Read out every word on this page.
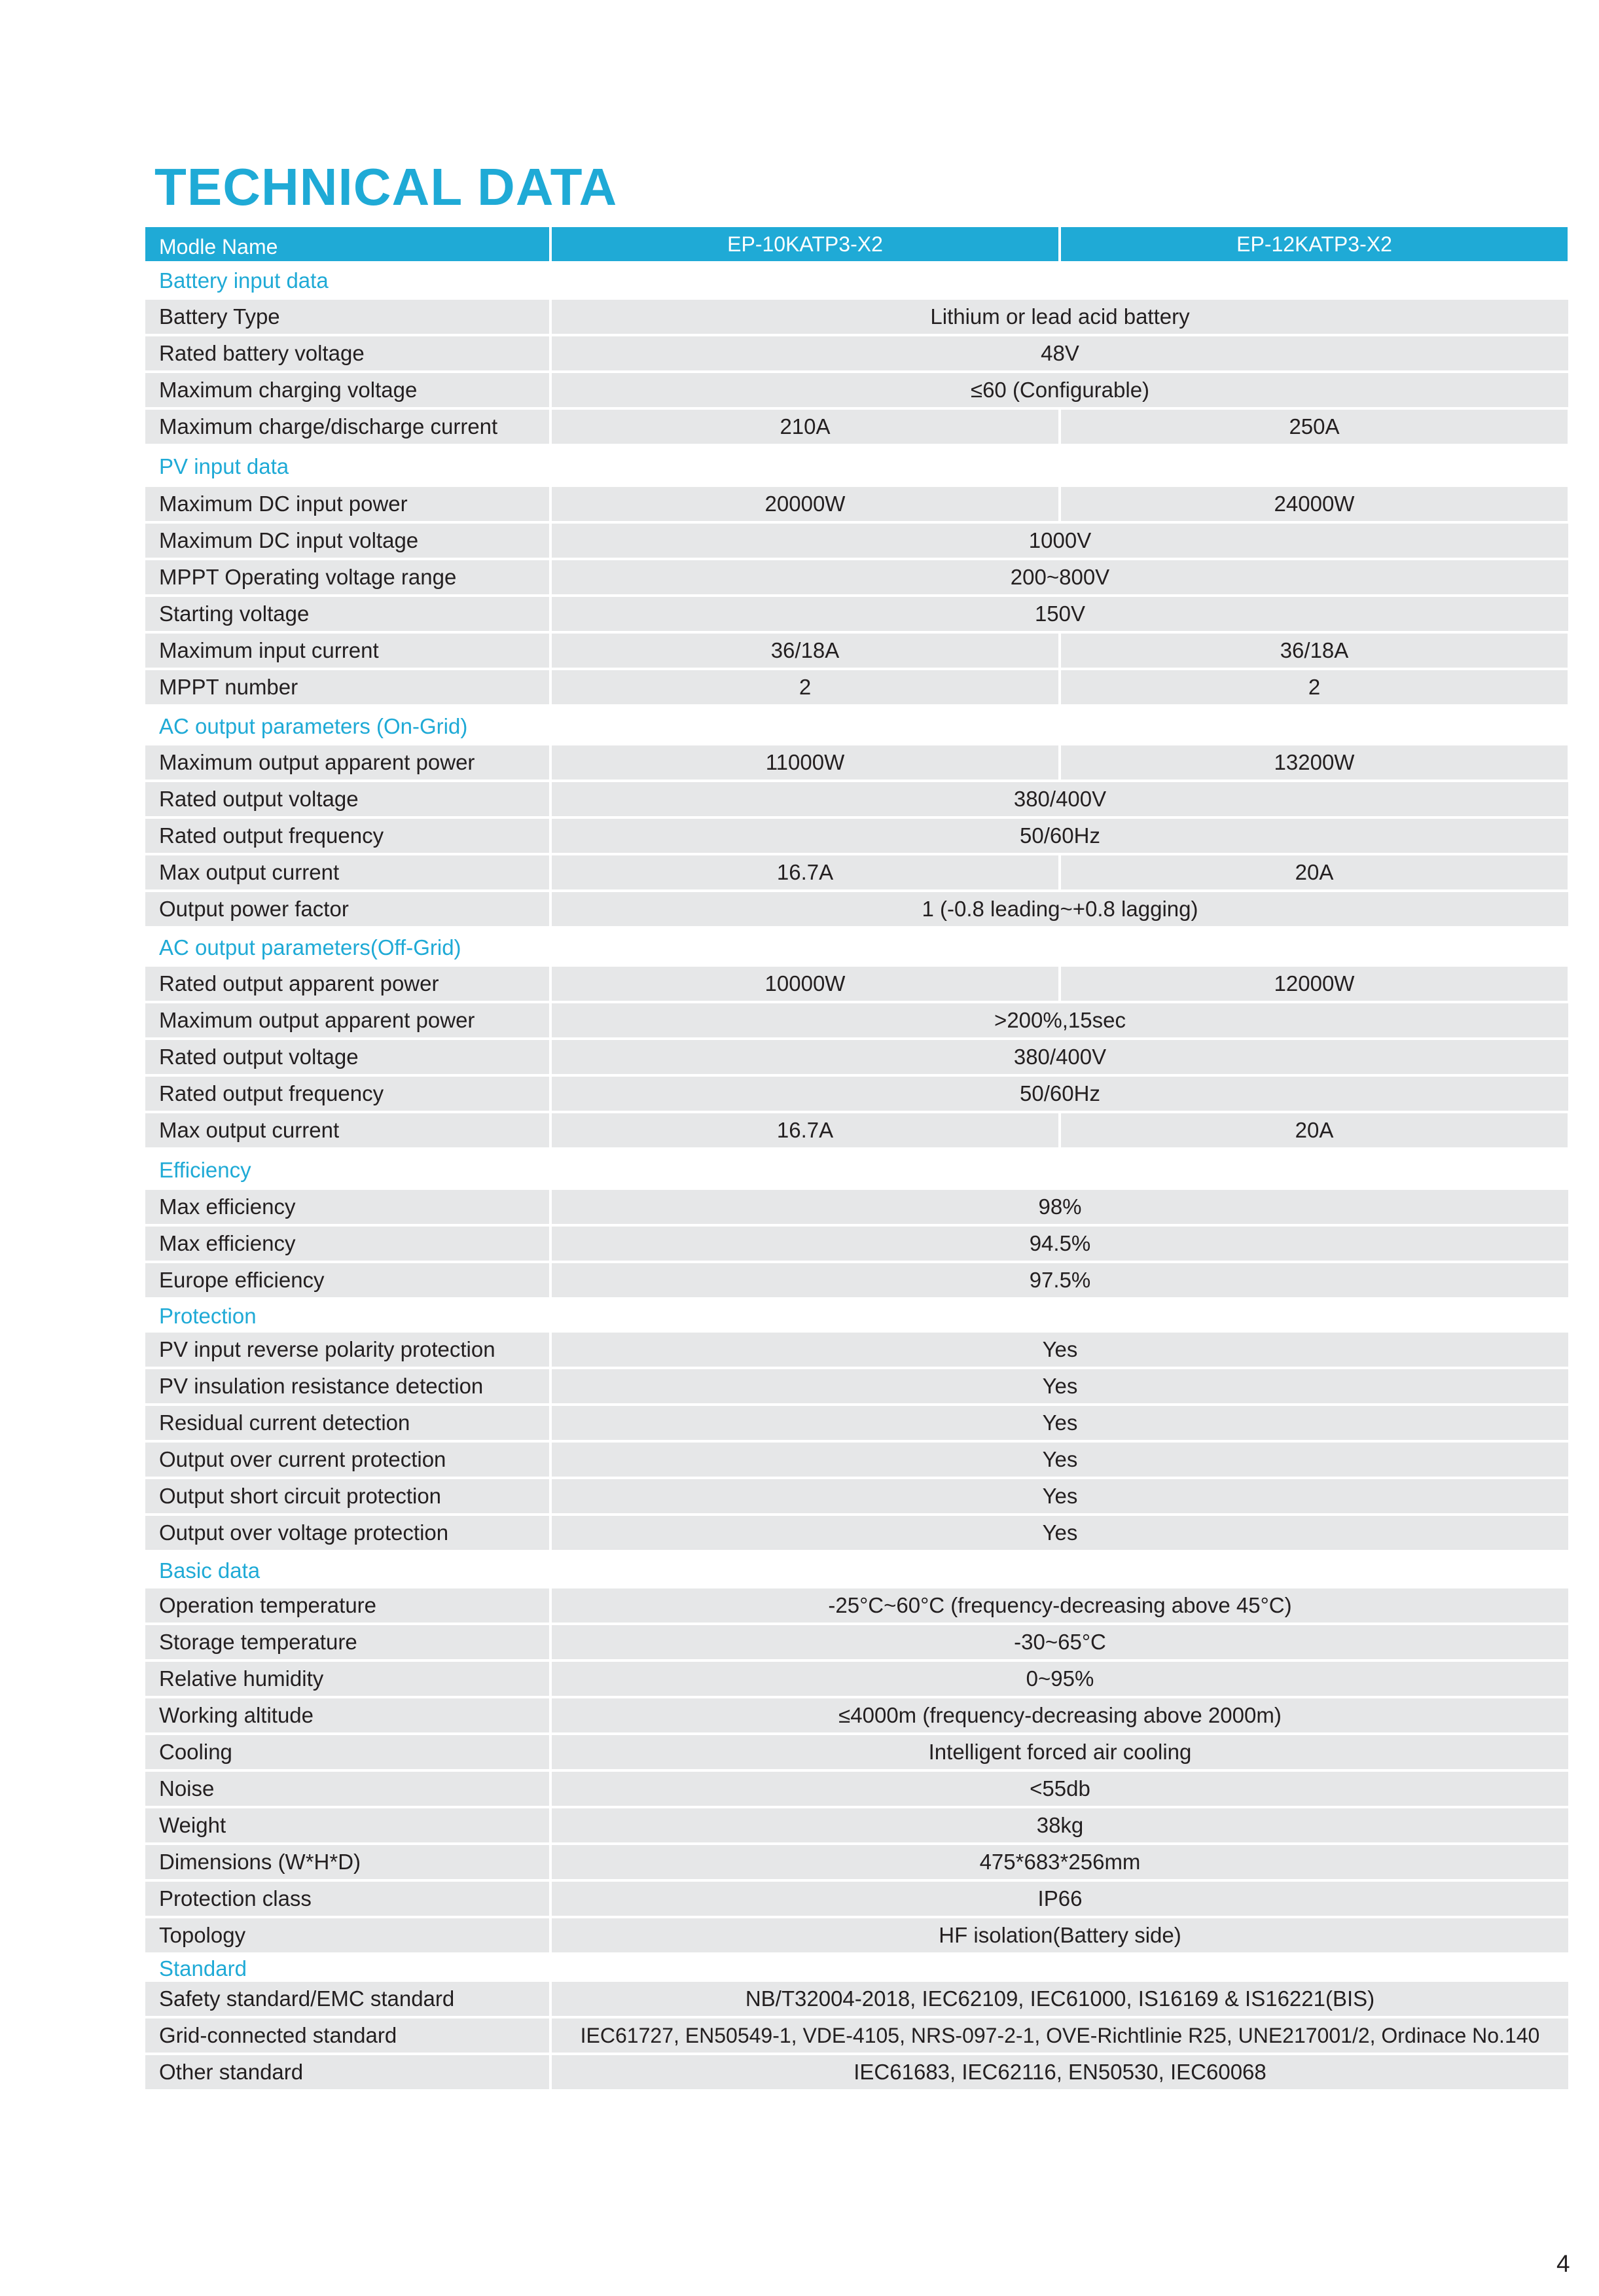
TECHNICAL DATA
Modle Name	EP-10KATP3-X2	EP-12KATP3-X2
Battery input data
Battery Type	Lithium or lead acid battery
Rated battery voltage	48V
Maximum charging voltage	≤60 (Configurable)
Maximum charge/discharge current	210A	250A
PV input data
Maximum DC input power	20000W	24000W
Maximum DC input voltage	1000V
MPPT Operating voltage range	200~800V
Starting voltage	150V
Maximum input current	36/18A	36/18A
MPPT number	2	2
AC output parameters (On-Grid)
Maximum output apparent power	11000W	13200W
Rated output voltage	380/400V
Rated output frequency	50/60Hz
Max output current	16.7A	20A
Output power factor	1 (-0.8 leading~+0.8 lagging)
AC output parameters(Off-Grid)
Rated output apparent power	10000W	12000W
Maximum output apparent power	>200%,15sec
Rated output voltage	380/400V
Rated output frequency	50/60Hz
Max output current	16.7A	20A
Efficiency
Max efficiency	98%
Max efficiency	94.5%
Europe efficiency	97.5%
Protection
PV input reverse polarity protection	Yes
PV insulation resistance detection	Yes
Residual current detection	Yes
Output over current protection	Yes
Output short circuit protection	Yes
Output over voltage protection	Yes
Basic data
Operation temperature	-25°C~60°C (frequency-decreasing above 45°C)
Storage temperature	-30~65°C
Relative humidity	0~95%
Working altitude	≤4000m (frequency-decreasing above 2000m)
Cooling	Intelligent forced air cooling
Noise	<55db
Weight	38kg
Dimensions (W*H*D)	475*683*256mm
Protection class	IP66
Topology	HF isolation(Battery side)
Standard
Safety standard/EMC standard	NB/T32004-2018, IEC62109, IEC61000, IS16169 & IS16221(BIS)
Grid-connected standard	IEC61727, EN50549-1, VDE-4105, NRS-097-2-1, OVE-Richtlinie R25, UNE217001/2, Ordinace No.140
Other standard	IEC61683, IEC62116, EN50530, IEC60068
4
